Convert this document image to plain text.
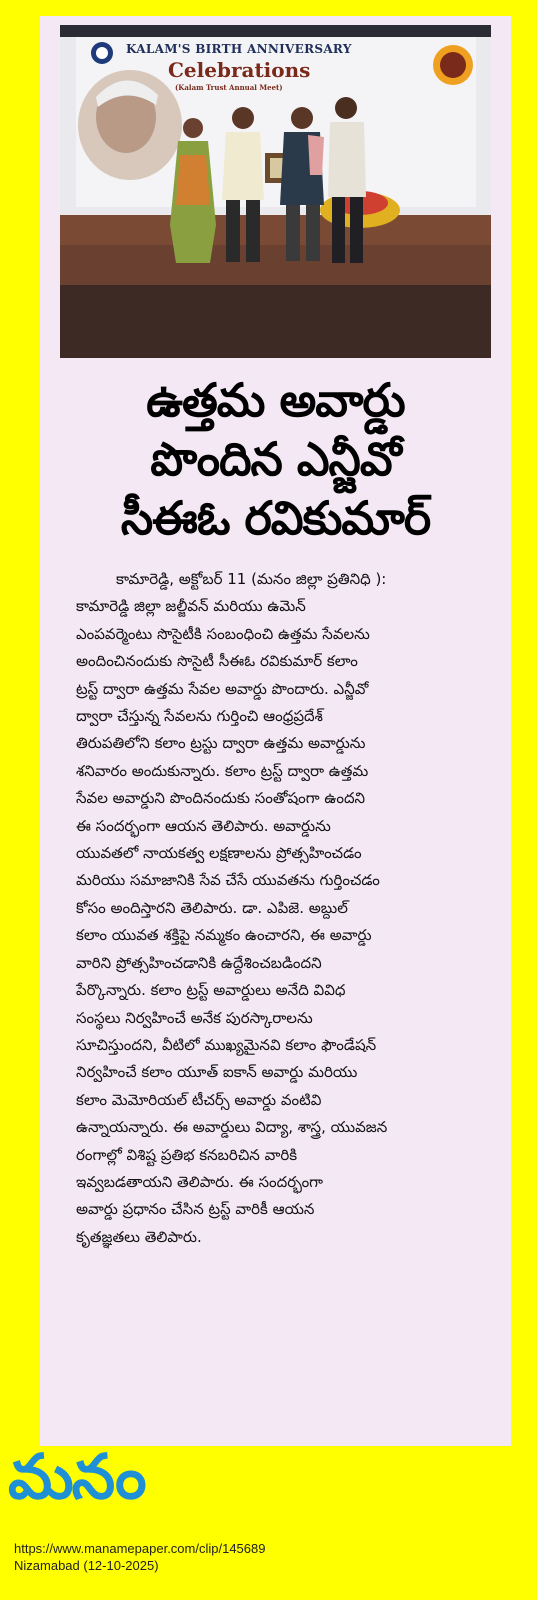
KALAM'S BIRTH ANNIVERSARY
Celebrations
(Kalam Trust Annual Meet)
ఉత్తమ అవార్డు
పొందిన ఎన్జీవో
సీఈఓ రవికుమార్
కామారెడ్డి, అక్టోబర్ 11 (మనం జిల్లా ప్రతినిధి ):
కామారెడ్డి జిల్లా జల్జీవన్ మరియు ఉమెన్
ఎంపవర్మెంటు సొసైటీకి సంబంధించి ఉత్తమ సేవలను
అందించినందుకు సొసైటీ సీఈఓ రవికుమార్ కలాం
ట్రస్ట్ ద్వారా ఉత్తమ సేవల అవార్డు పొందారు. ఎన్జీవో
ద్వారా చేస్తున్న సేవలను గుర్తించి ఆంధ్రప్రదేశ్
తిరుపతిలోని కలాం ట్రస్టు ద్వారా ఉత్తమ అవార్డును
శనివారం అందుకున్నారు. కలాం ట్రస్ట్ ద్వారా ఉత్తమ
సేవల అవార్డుని పొందినందుకు సంతోషంగా ఉందని
ఈ సందర్భంగా ఆయన తెలిపారు. అవార్డును
యువతలో నాయకత్వ లక్షణాలను ప్రోత్సహించడం
మరియు సమాజానికి సేవ చేసే యువతను గుర్తించడం
కోసం అందిస్తారని తెలిపారు. డా. ఎపిజె. అబ్దుల్
కలాం యువత శక్తిపై నమ్మకం ఉంచారని, ఈ అవార్డు
వారిని ప్రోత్సహించడానికి ఉద్దేశించబడిందని
పేర్కొన్నారు. కలాం ట్రస్ట్ అవార్డులు అనేది వివిధ
సంస్థలు నిర్వహించే అనేక పురస్కారాలను
సూచిస్తుందని, వీటిలో ముఖ్యమైనవి కలాం ఫౌండేషన్
నిర్వహించే కలాం యూత్ ఐకాన్ అవార్డు మరియు
కలాం మెమోరియల్ టీచర్స్ అవార్డు వంటివి
ఉన్నాయన్నారు. ఈ అవార్డులు విద్యా, శాస్త్ర, యువజన
రంగాల్లో విశిష్ట ప్రతిభ కనబరిచిన వారికి
ఇవ్వబడతాయని తెలిపారు. ఈ సందర్భంగా
అవార్డు ప్రధానం చేసిన ట్రస్ట్ వారికీ ఆయన
కృతజ్ఞతలు తెలిపారు.
మనం
https://www.manamepaper.com/clip/145689
Nizamabad (12-10-2025)
